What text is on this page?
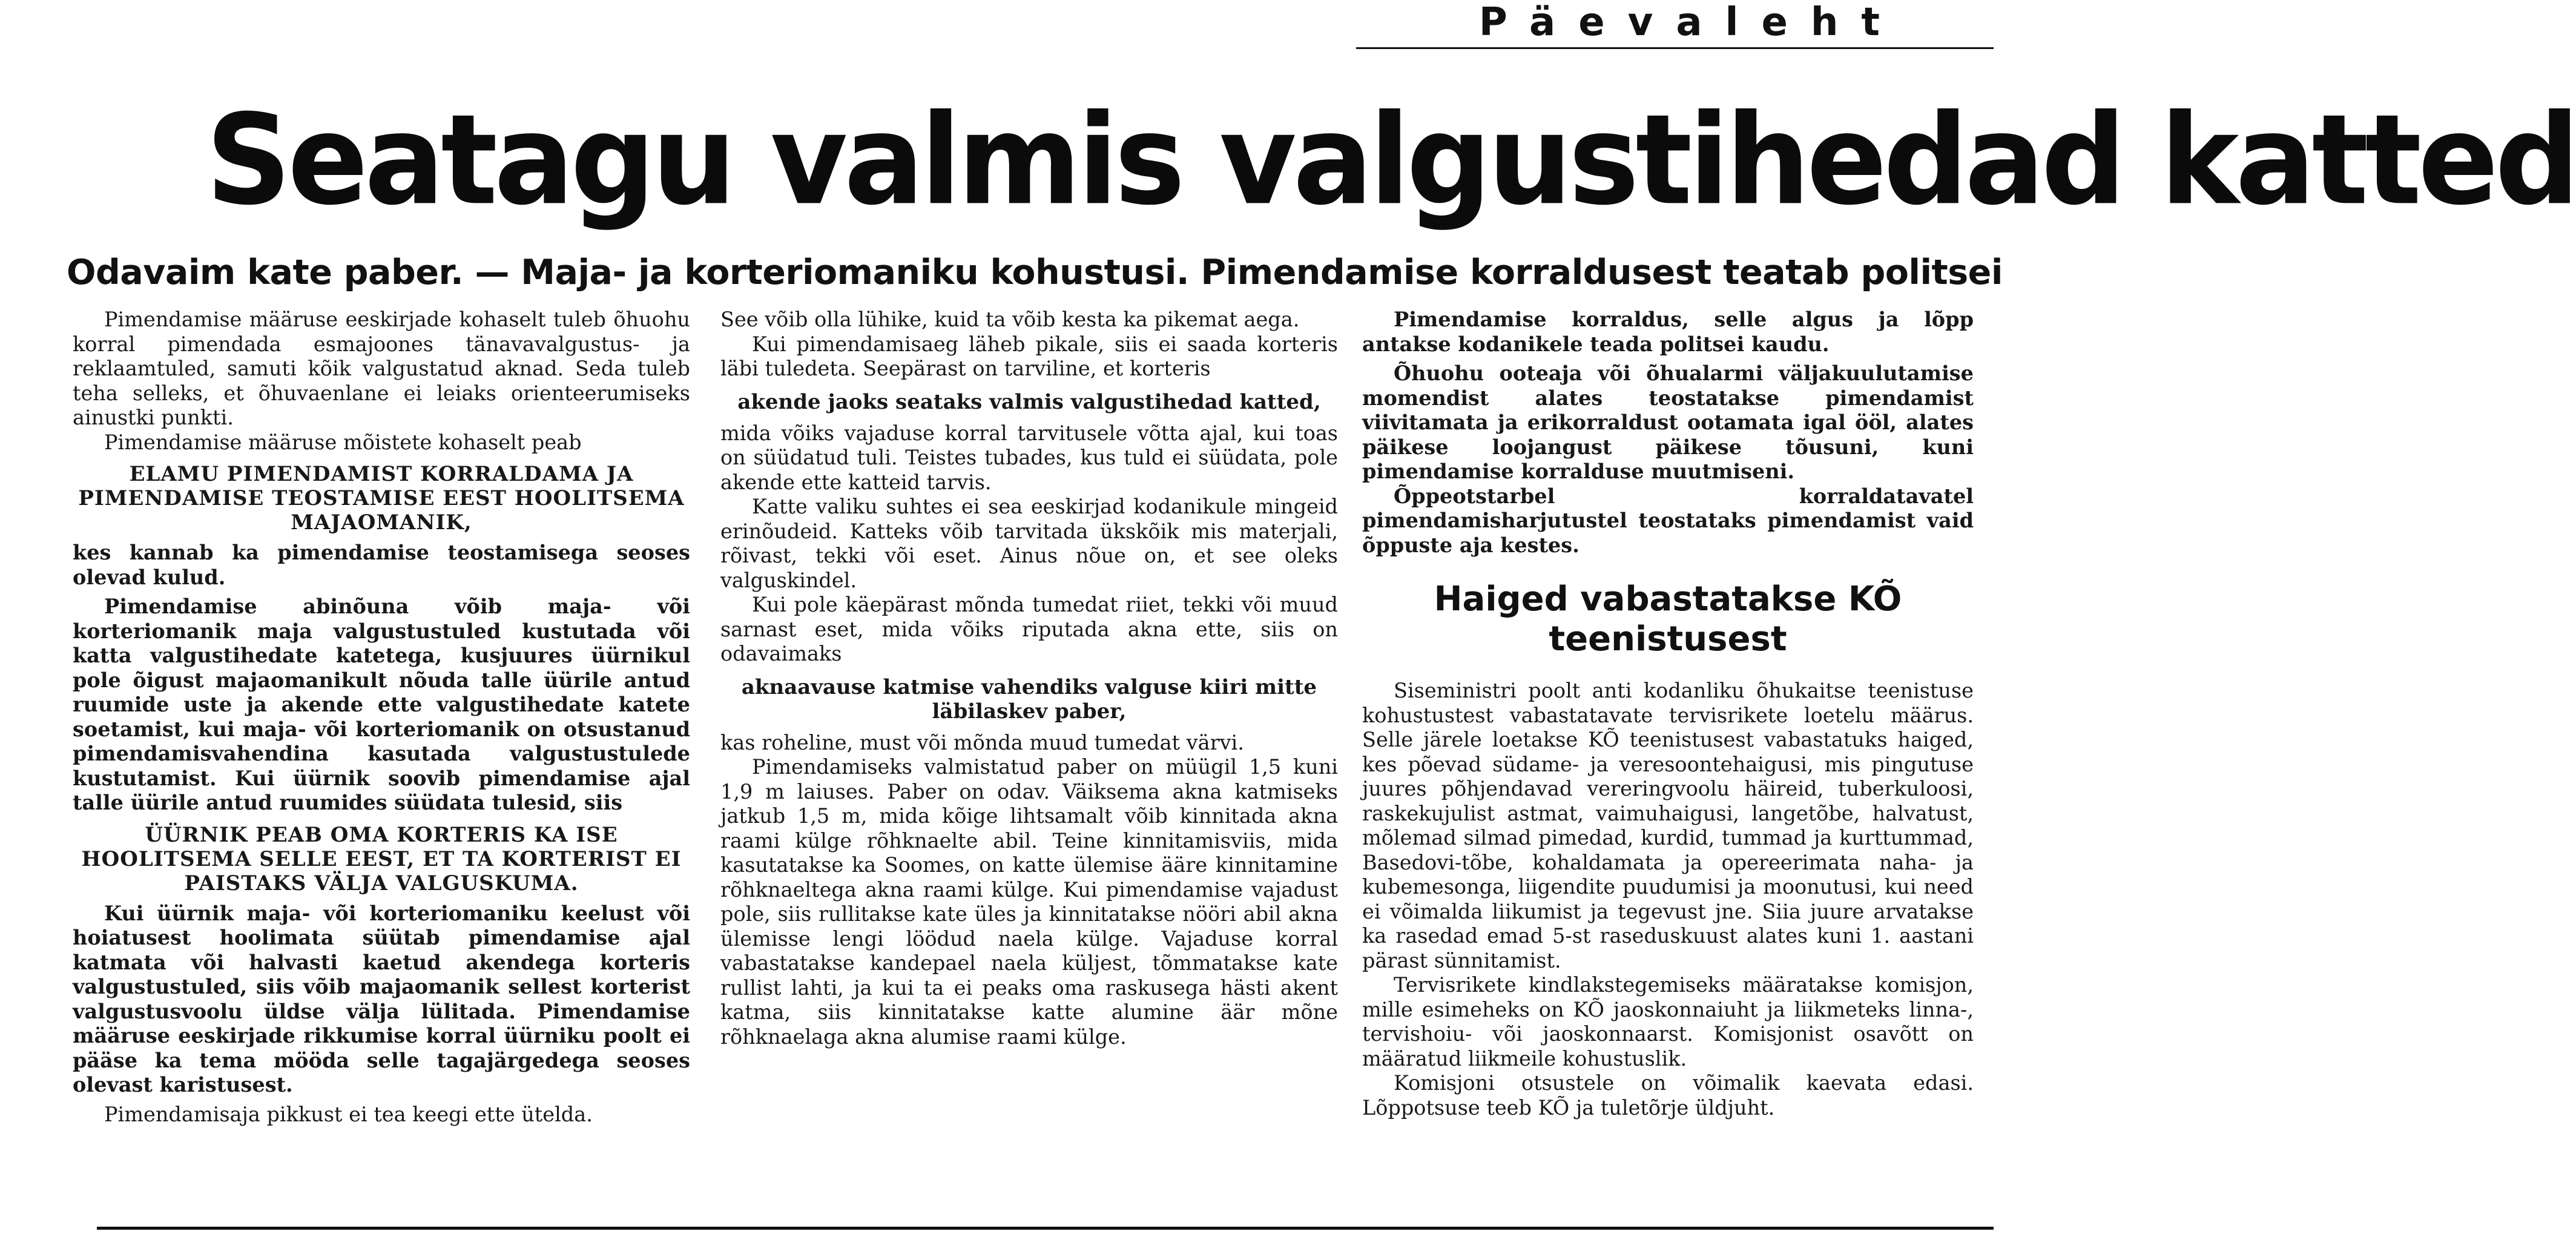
Päevaleht
Seatagu valmis valgustihedad katted
Odavaim kate paber. — Maja- ja korteriomaniku kohustusi. Pimendamise korraldusest teatab politsei

Pimendamise määruse eeskirjade kohaselt tuleb õhuohu korral pimendada esmajoones tänavavalgustus- ja reklaamtuled, samuti kõik valgustatud aknad. Seda tuleb teha selleks, et õhuvaenlane ei leiaks orienteerumiseks ainustki punkti.

Pimendamise määruse mõistete kohaselt peab

ELAMU PIMENDAMIST KORRALDAMA JA PIMENDAMISE TEOSTAMISE EEST HOOLITSEMA MAJAOMANIK,

kes kannab ka pimendamise teostamisega seoses olevad kulud.

Pimendamise abinõuna võib maja- või korteriomanik maja valgustustuled kustutada või katta valgustihedate katetega, kusjuures üürnikul pole õigust majaomanikult nõuda talle üürile antud ruumide uste ja akende ette valgustihedate katete soetamist, kui maja- või korteriomanik on otsustanud pimendamisvahendina kasutada valgustustulede kustutamist. Kui üürnik soovib pimendamise ajal talle üürile antud ruumides süüdata tulesid, siis

ÜÜRNIK PEAB OMA KORTERIS KA ISE HOOLITSEMA SELLE EEST, ET TA KORTERIST EI PAISTAKS VÄLJA VALGUSKUMA.

Kui üürnik maja- või korteriomaniku keelust või hoiatusest hoolimata süütab pimendamise ajal katmata või halvasti kaetud akendega korteris valgustustuled, siis võib majaomanik sellest korterist valgustusvoolu üldse välja lülitada. Pimendamise määruse eeskirjade rikkumise korral üürniku poolt ei pääse ka tema mööda selle tagajärgedega seoses olevast karistusest.

Pimendamisaja pikkust ei tea keegi ette ütelda.

See võib olla lühike, kuid ta võib kesta ka pikemat aega.

Kui pimendamisaeg läheb pikale, siis ei saada korteris läbi tuledeta. Seepärast on tarviline, et korteris

akende jaoks seataks valmis valgustihedad katted,

mida võiks vajaduse korral tarvitusele võtta ajal, kui toas on süüdatud tuli. Teistes tubades, kus tuld ei süüdata, pole akende ette katteid tarvis.

Katte valiku suhtes ei sea eeskirjad kodanikule mingeid erinõudeid. Katteks võib tarvitada ükskõik mis materjali, rõivast, tekki või eset. Ainus nõue on, et see oleks valguskindel.

Kui pole käepärast mõnda tumedat riiet, tekki või muud sarnast eset, mida võiks riputada akna ette, siis on odavaimaks

aknaavause katmise vahendiks valguse kiiri mitte läbilaskev paber,

kas roheline, must või mõnda muud tumedat värvi.

Pimendamiseks valmistatud paber on müügil 1,5 kuni 1,9 m laiuses. Paber on odav. Väiksema akna katmiseks jatkub 1,5 m, mida kõige lihtsamalt võib kinnitada akna raami külge rõhknaelte abil. Teine kinnitamisviis, mida kasutatakse ka Soomes, on katte ülemise ääre kinnitamine rõhknaeltega akna raami külge. Kui pimendamise vajadust pole, siis rullitakse kate üles ja kinnitatakse nööri abil akna ülemisse lengi löödud naela külge. Vajaduse korral vabastatakse kandepael naela küljest, tõmmatakse kate rullist lahti, ja kui ta ei peaks oma raskusega hästi akent katma, siis kinnitatakse katte alumine äär mõne rõhknaelaga akna alumise raami külge.

Pimendamise korraldus, selle algus ja lõpp antakse kodanikele teada politsei kaudu.

Õhuohu ooteaja või õhualarmi väljakuulutamise momendist alates teostatakse pimendamist viivitamata ja erikorraldust ootamata igal ööl, alates päikese loojangust päikese tõusuni, kuni pimendamise korralduse muutmiseni.

Õppeotstarbel korraldatavatel pimendamisharjutustel teostataks pimendamist vaid õppuste aja kestes.

Haiged vabastatakse KÕ teenistusest

Siseministri poolt anti kodanliku õhukaitse teenistuse kohustustest vabastatavate tervisrikete loetelu määrus. Selle järele loetakse KÕ teenistusest vabastatuks haiged, kes põevad südame- ja veresoontehaigusi, mis pingutuse juures põhjendavad vereringvoolu häireid, tuberkuloosi, raskekujulist astmat, vaimuhaigusi, langetõbe, halvatust, mõlemad silmad pimedad, kurdid, tummad ja kurttummad, Basedovi-tõbe, kohaldamata ja opereerimata naha- ja kubemesonga, liigendite puudumisi ja moonutusi, kui need ei võimalda liikumist ja tegevust jne. Siia juure arvatakse ka rasedad emad 5-st raseduskuust alates kuni 1. aastani pärast sünnitamist.

Tervisrikete kindlakstegemiseks määratakse komisjon, mille esimeheks on KÕ jaoskonnaiuht ja liikmeteks linna-, tervishoiu- või jaoskonnaarst. Komisjonist osavõtt on määratud liikmeile kohustuslik.

Komisjoni otsustele on võimalik kaevata edasi. Lõppotsuse teeb KÕ ja tuletõrje üldjuht.
